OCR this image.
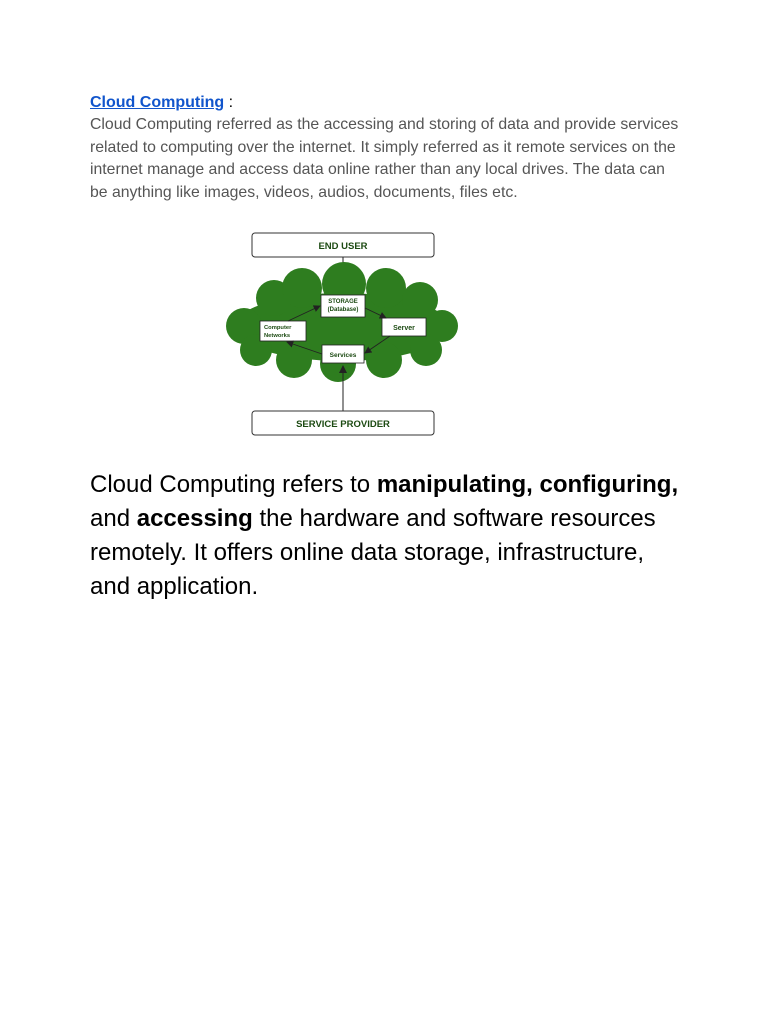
Cloud Computing :

Cloud Computing referred as the accessing and storing of data and provide services related to computing over the internet. It simply referred as it remote services on the internet manage and access data online rather than any local drives. The data can be anything like images, videos, audios, documents, files etc.

END USER
STORAGE
(Database)
Server
Computer
Networks
Services
SERVICE PROVIDER

Cloud Computing refers to manipulating, configuring, and accessing the hardware and software resources remotely. It offers online data storage, infrastructure, and application.
